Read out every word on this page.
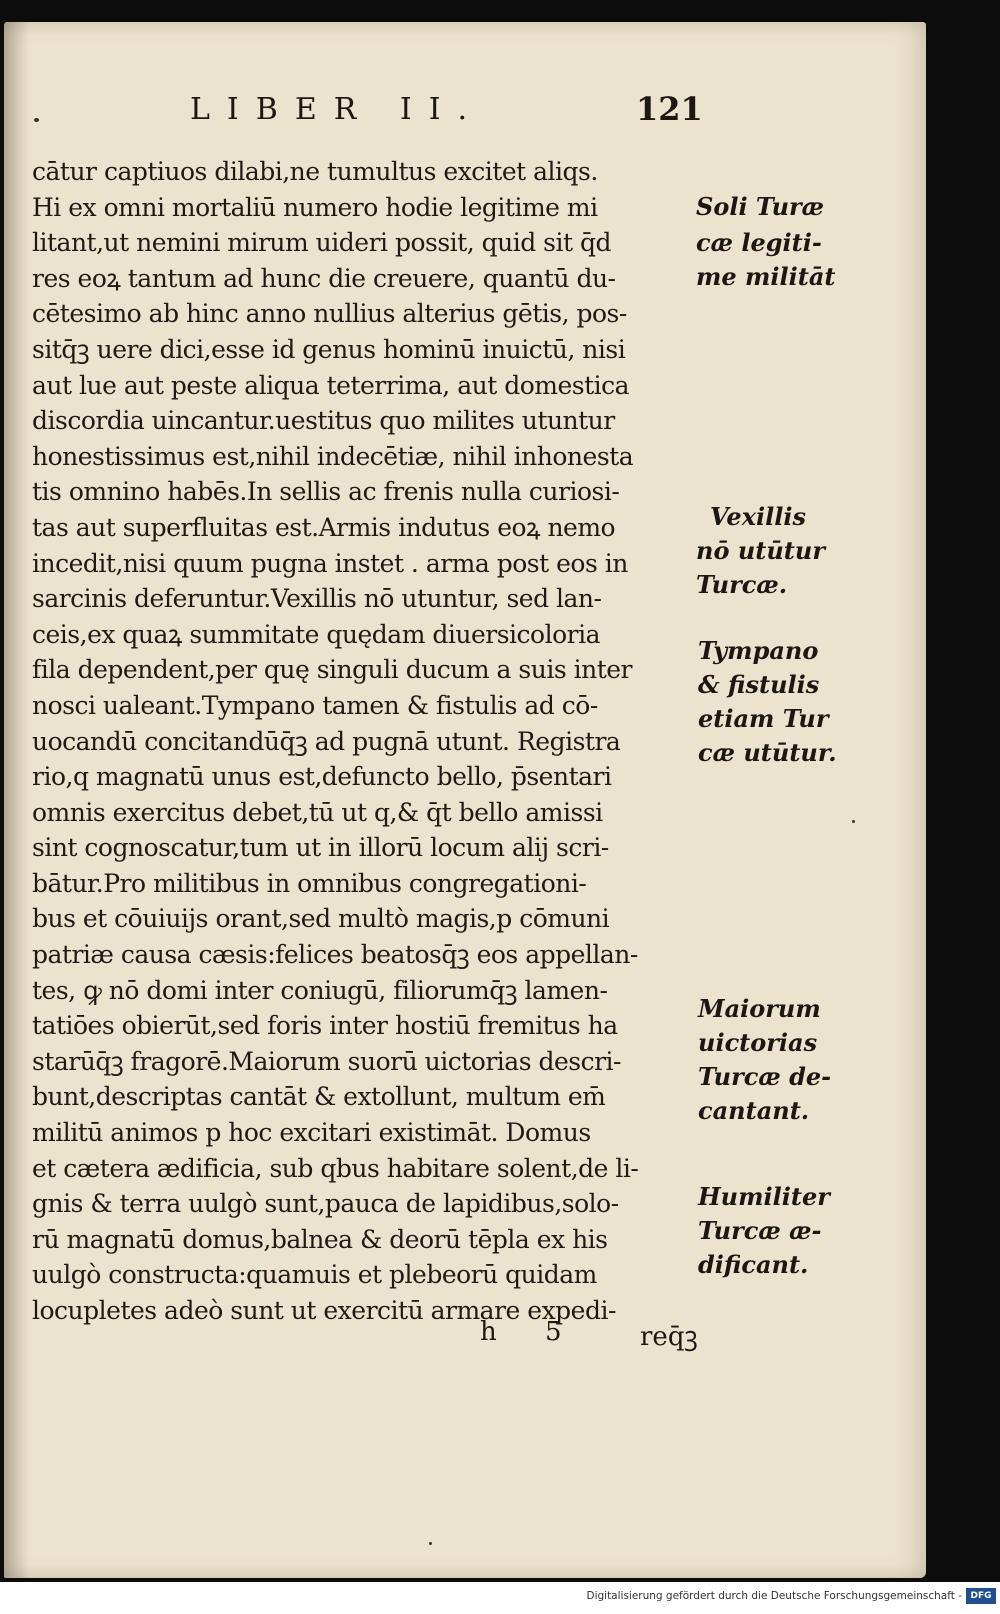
LIBER II.	121
cātur captiuos dilabi,ne tumultus excitet aliqs.
Hi ex omni mortaliū numero hodie legitime mi
litant,ut nemini mirum uideri possit, quid sit q̄d
res eoꝝ tantum ad hunc die creuere, quantū du-
cētesimo ab hinc anno nullius alterius gētis, pos-
sitq̄ꝫ uere dici,esse id genus hominū inuictū, nisi
aut lue aut peste aliqua teterrima, aut domestica
discordia uincantur.uestitus quo milites utuntur
honestissimus est,nihil indecētiæ, nihil inhonesta
tis omnino habēs.In sellis ac frenis nulla curiosi-
tas aut superfluitas est.Armis indutus eoꝝ nemo
incedit,nisi quum pugna instet . arma post eos in
sarcinis deferuntur.Vexillis nō utuntur, sed lan-
ceis,ex quaꝝ summitate quędam diuersicoloria
fila dependent,per quę singuli ducum a suis inter
nosci ualeant.Tympano tamen & fistulis ad cō-
uocandū concitandūq̄ꝫ ad pugnā utunt. Registra
rio,q magnatū unus est,defuncto bello, p̄sentari
omnis exercitus debet,tū ut q,& q̄t bello amissi
sint cognoscatur,tum ut in illorū locum alij scri-
bātur.Pro militibus in omnibus congregationi-
bus et cōuiuijs orant,sed multò magis,p cōmuni
patriæ causa cæsis:felices beatosq̄ꝫ eos appellan-
tes, ꝙ nō domi inter coniugū, filiorumq̄ꝫ lamen-
tatiōes obierūt,sed foris inter hostiū fremitus ha
starūq̄ꝫ fragorē.Maiorum suorū uictorias descri-
bunt,descriptas cantāt & extollunt, multum em̄
militū animos p hoc excitari existimāt. Domus
et cætera ædificia, sub qbus habitare solent,de li-
gnis & terra uulgò sunt,pauca de lapidibus,solo-
rū magnatū domus,balnea & deorū tēpla ex his
uulgò constructa:quamuis et plebeorū quidam
locupletes adeò sunt ut exercitū armare expedi-
Soli Turæ
cæ legiti-
me militāt
Vexillis
nō utūtur
Turcæ.
Tympano
& fistulis
etiam Tur
cæ utūtur.
Maiorum
uictorias
Turcæ de-
cantant.
Humiliter
Turcæ æ-
dificant.
h 5 req̄ꝫ
Digitalisierung gefördert durch die Deutsche Forschungsgemeinschaft - DFG
